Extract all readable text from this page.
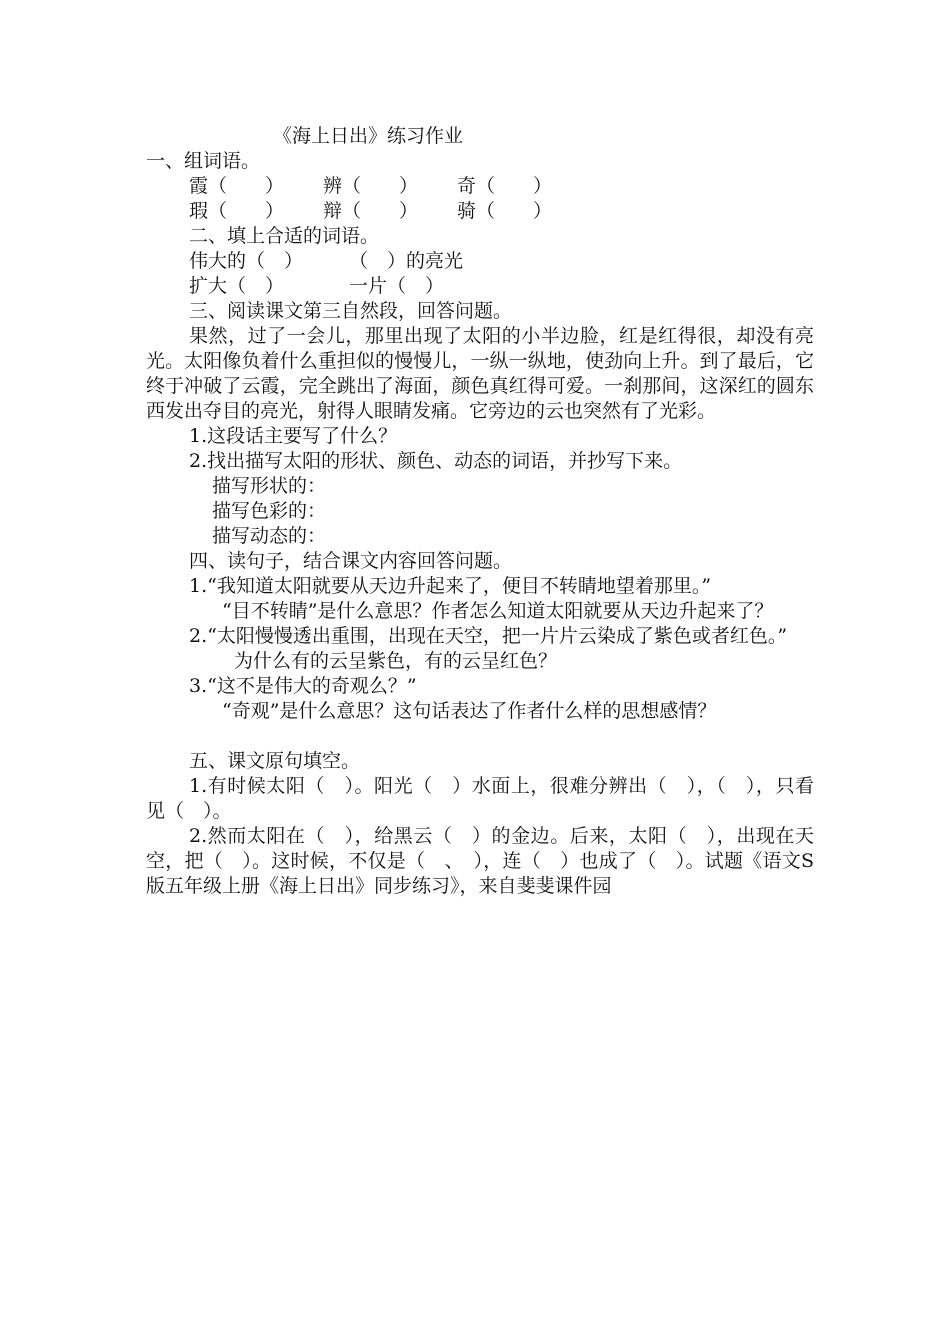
《海上日出》练习作业
一、组词语。
霞（　　） 辨（　　） 奇（　　）
瑕（　　） 辩（　　） 骑（　　）
二、填上合适的词语。
伟大的（　） （　）的亮光
扩大（　）	一片（　）
三、阅读课文第三自然段，回答问题。
果然，过了一会儿，那里出现了太阳的小半边脸，红是红得很，却没有亮光。太阳像负着什么重担似的慢慢儿，一纵一纵地，使劲向上升。到了最后，它终于冲破了云霞，完全跳出了海面，颜色真红得可爱。一刹那间，这深红的圆东西发出夺目的亮光，射得人眼睛发痛。它旁边的云也突然有了光彩。
1.这段话主要写了什么？
2.找出描写太阳的形状、颜色、动态的词语，并抄写下来。
描写形状的：
描写色彩的：
描写动态的：
四、读句子，结合课文内容回答问题。
1.“我知道太阳就要从天边升起来了，便目不转睛地望着那里。”
“目不转睛”是什么意思？作者怎么知道太阳就要从天边升起来了？
2.“太阳慢慢透出重围，出现在天空，把一片片云染成了紫色或者红色。”
为什么有的云呈紫色，有的云呈红色？
3.“这不是伟大的奇观么？”
“奇观”是什么意思？这句话表达了作者什么样的思想感情？
五、课文原句填空。
1.有时候太阳（　）。阳光（　）水面上，很难分辨出（　），（　），只看见（　）。
2.然而太阳在（　），给黑云（　）的金边。后来，太阳（　），出现在天空，把（　）。这时候，不仅是（　、　），连（　）也成了（　）。试题《语文S版五年级上册《海上日出》同步练习》，来自斐斐课件园
